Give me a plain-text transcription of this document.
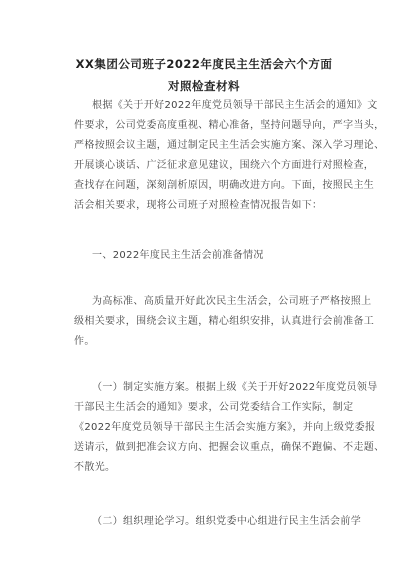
XX集团公司班子2022年度民主生活会六个方面
对照检查材料
根据《关于开好2022年度党员领导干部民主生活会的通知》文
件要求，公司党委高度重视、精心准备，坚持问题导向，严字当头，
严格按照会议主题，通过制定民主生活会实施方案、深入学习理论、
开展谈心谈话、广泛征求意见建议，围绕六个方面进行对照检查，
查找存在问题，深刻剖析原因，明确改进方向。下面，按照民主生
活会相关要求，现将公司班子对照检查情况报告如下：
一、2022年度民主生活会前准备情况
为高标准、高质量开好此次民主生活会，公司班子严格按照上
级相关要求，围绕会议主题，精心组织安排，认真进行会前准备工
作。
（一）制定实施方案。根据上级《关于开好2022年度党员领导
干部民主生活会的通知》要求，公司党委结合工作实际，制定
《2022年度党员领导干部民主生活会实施方案》，并向上级党委报
送请示，做到把准会议方向、把握会议重点，确保不跑偏、不走题、
不散光。
（二）组织理论学习。组织党委中心组进行民主生活会前学
